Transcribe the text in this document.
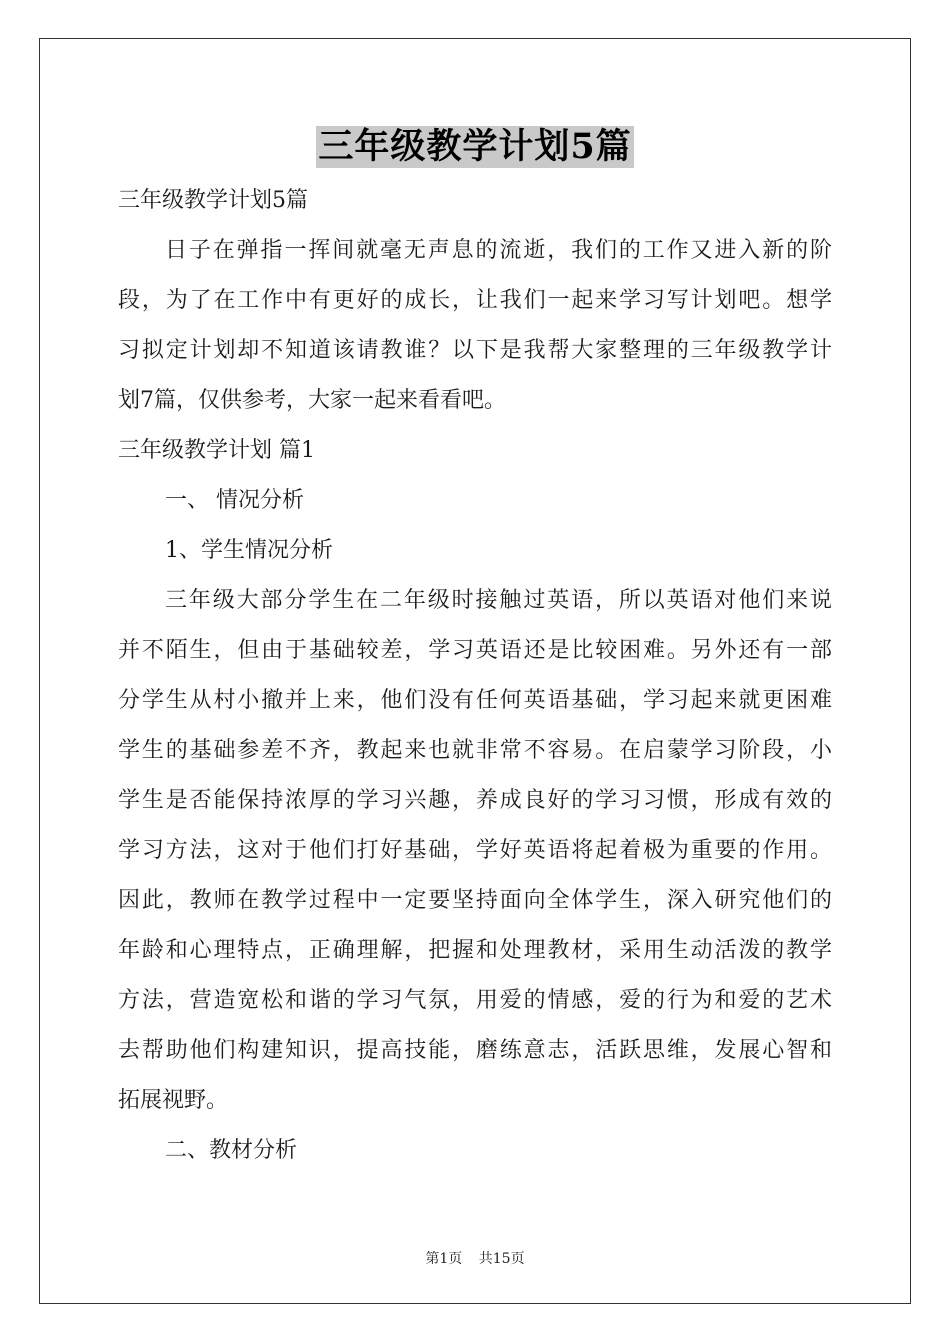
三年级教学计划5篇
三年级教学计划5篇
日子在弹指一挥间就毫无声息的流逝，我们的工作又进入新的阶
段，为了在工作中有更好的成长，让我们一起来学习写计划吧。想学
习拟定计划却不知道该请教谁？以下是我帮大家整理的三年级教学计
划7篇，仅供参考，大家一起来看看吧。
三年级教学计划 篇1
一、 情况分析
1、学生情况分析
三年级大部分学生在二年级时接触过英语，所以英语对他们来说
并不陌生，但由于基础较差，学习英语还是比较困难。另外还有一部
分学生从村小撤并上来，他们没有任何英语基础，学习起来就更困难
学生的基础参差不齐，教起来也就非常不容易。在启蒙学习阶段，小
学生是否能保持浓厚的学习兴趣，养成良好的学习习惯，形成有效的
学习方法，这对于他们打好基础，学好英语将起着极为重要的作用。
因此，教师在教学过程中一定要坚持面向全体学生，深入研究他们的
年龄和心理特点，正确理解，把握和处理教材，采用生动活泼的教学
方法，营造宽松和谐的学习气氛，用爱的情感，爱的行为和爱的艺术
去帮助他们构建知识，提高技能，磨练意志，活跃思维，发展心智和
拓展视野。
二、教材分析
第1页 共15页
